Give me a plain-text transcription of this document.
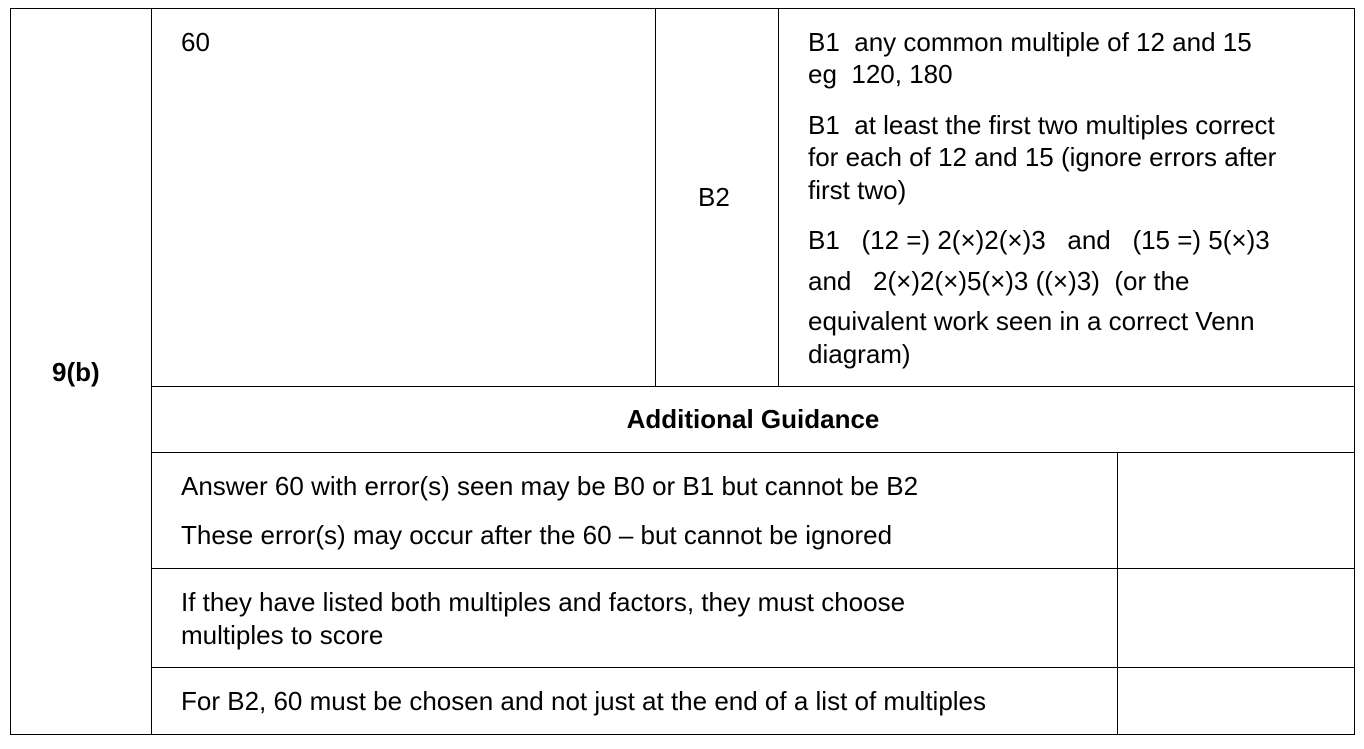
9(b)
60
B2
B1  any common multiple of 12 and 15
eg  120, 180
B1  at least the first two multiples correct
for each of 12 and 15 (ignore errors after
first two)
B1   (12 =) 2(×)2(×)3   and   (15 =) 5(×)3
and   2(×)2(×)5(×)3 ((×)3)  (or the
equivalent work seen in a correct Venn
diagram)
Additional Guidance
Answer 60 with error(s) seen may be B0 or B1 but cannot be B2
These error(s) may occur after the 60 – but cannot be ignored
If they have listed both multiples and factors, they must choose
multiples to score
For B2, 60 must be chosen and not just at the end of a list of multiples
